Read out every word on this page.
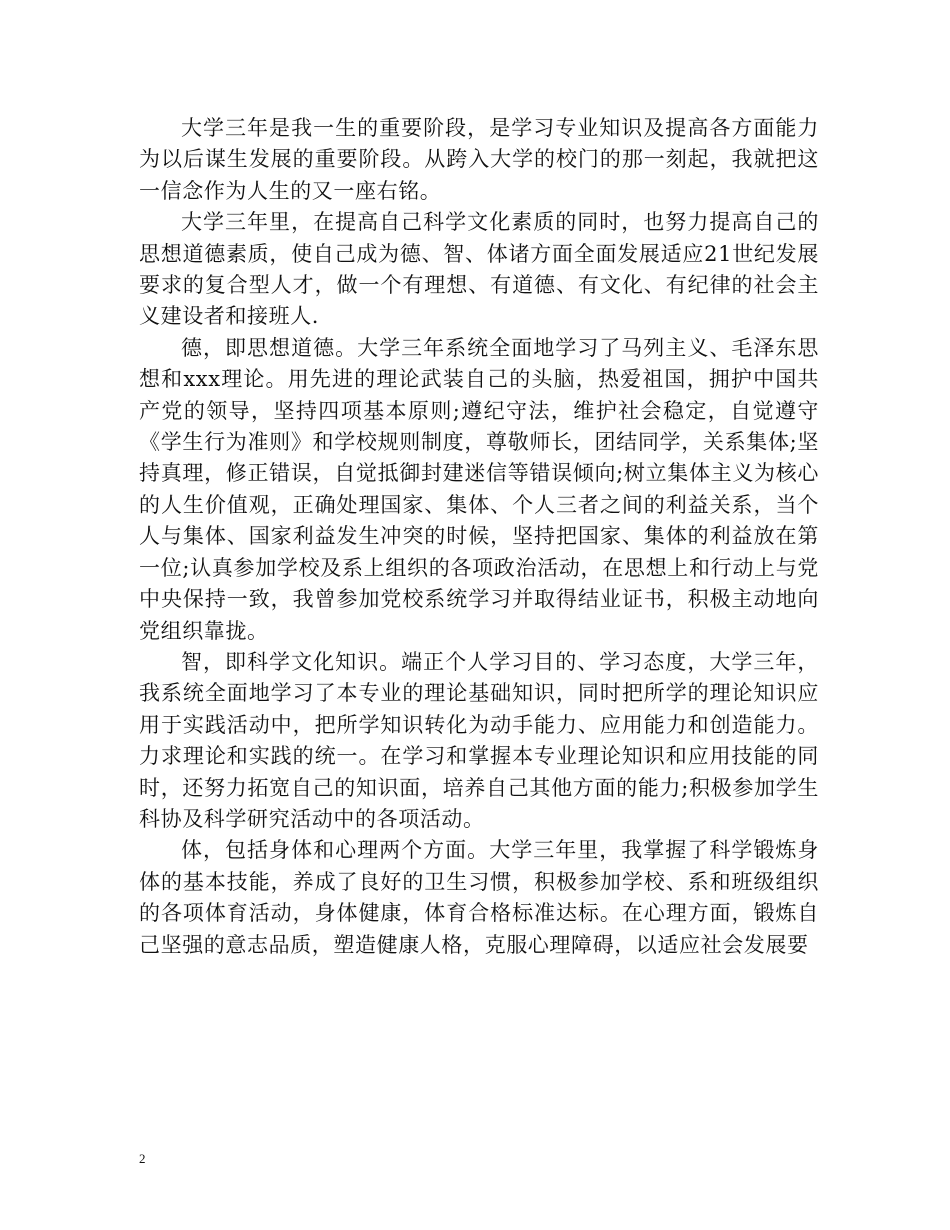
大学三年是我一生的重要阶段，是学习专业知识及提高各方面能力为以后谋生发展的重要阶段。从跨入大学的校门的那一刻起，我就把这一信念作为人生的又一座右铭。

大学三年里，在提高自己科学文化素质的同时，也努力提高自己的思想道德素质，使自己成为德、智、体诸方面全面发展适应21世纪发展要求的复合型人才，做一个有理想、有道德、有文化、有纪律的社会主义建设者和接班人.

德，即思想道德。大学三年系统全面地学习了马列主义、毛泽东思想和xxx理论。用先进的理论武装自己的头脑，热爱祖国，拥护中国共产党的领导，坚持四项基本原则;遵纪守法，维护社会稳定，自觉遵守《学生行为准则》和学校规则制度，尊敬师长，团结同学，关系集体;坚持真理，修正错误，自觉抵御封建迷信等错误倾向;树立集体主义为核心的人生价值观，正确处理国家、集体、个人三者之间的利益关系，当个人与集体、国家利益发生冲突的时候，坚持把国家、集体的利益放在第一位;认真参加学校及系上组织的各项政治活动，在思想上和行动上与党中央保持一致，我曾参加党校系统学习并取得结业证书，积极主动地向党组织靠拢。

智，即科学文化知识。端正个人学习目的、学习态度，大学三年，我系统全面地学习了本专业的理论基础知识，同时把所学的理论知识应用于实践活动中，把所学知识转化为动手能力、应用能力和创造能力。力求理论和实践的统一。在学习和掌握本专业理论知识和应用技能的同时，还努力拓宽自己的知识面，培养自己其他方面的能力;积极参加学生科协及科学研究活动中的各项活动。

体，包括身体和心理两个方面。大学三年里，我掌握了科学锻炼身体的基本技能，养成了良好的卫生习惯，积极参加学校、系和班级组织的各项体育活动，身体健康，体育合格标准达标。在心理方面，锻炼自己坚强的意志品质，塑造健康人格，克服心理障碍，以适应社会发展要

2
